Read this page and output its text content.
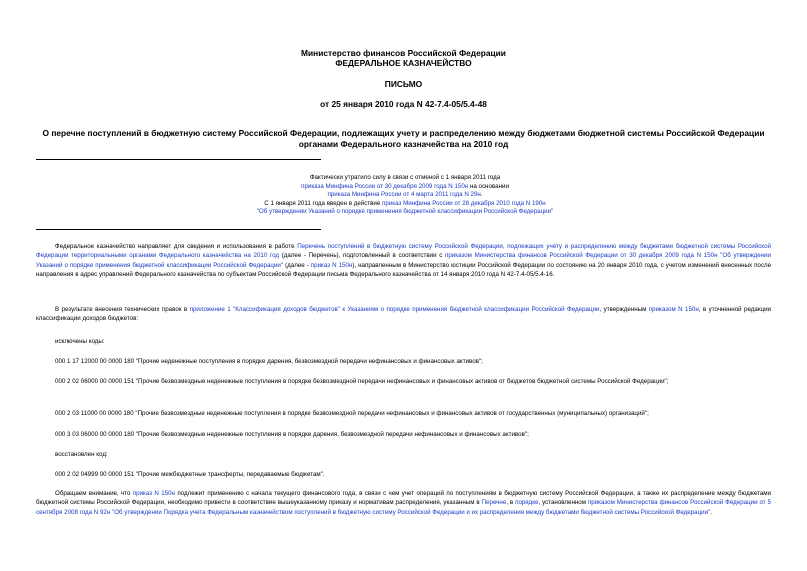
Министерство финансов Российской Федерации
ФЕДЕРАЛЬНОЕ КАЗНАЧЕЙСТВО
ПИСЬМО
от 25 января 2010 года N 42-7.4-05/5.4-48
О перечне поступлений в бюджетную систему Российской Федерации, подлежащих учету и распределению между бюджетами бюджетной системы Российской Федерации органами Федерального казначейства на 2010 год
Фактически утратило силу в связи с отменой с 1 января 2011 года
приказа Минфина России от 30 декабря 2009 года N 150н на основании
приказа Минфина России от 4 марта 2011 года N 29н.
С 1 января 2011 года введен в действие приказ Минфина России от 28 декабря 2010 года N 190н
"Об утверждении Указаний о порядке применения бюджетной классификации Российской Федерации"

Федеральное казначейство направляет для сведения и использования в работе Перечень поступлений в бюджетную систему Российской Федерации, подлежащих учету и распределению между бюджетами бюджетной системы Российской Федерации территориальными органами Федерального казначейства на 2010 год (далее - Перечень), подготовленный в соответствии с приказом Министерства финансов Российской Федерации от 30 декабря 2009 года N 150н "Об утверждении Указаний о порядке применения бюджетной классификации Российской Федерации" (далее - приказ N 150н), направленным в Министерство юстиции Российской Федерации по состоянию на 20 января 2010 года, с учетом изменений внесенных после направления в адрес управлений Федерального казначейства по субъектам Российской Федерации письма Федерального казначейства от 14 января 2010 года N 42-7.4-05/5.4-16.

В результате внесения технических правок в приложение 1 "Классификация доходов бюджетов" к Указаниям о порядке применения бюджетной классификации Российской Федерации, утвержденным приказом N 150н, в уточненной редакции классификации доходов бюджетов:

исключены коды:

000 1 17 12000 00 0000 180 "Прочие неденежные поступления в порядке дарения, безвозмездной передачи нефинансовых и финансовых активов";

000 2 02 06000 00 0000 151 "Прочие безвозмездные неденежные поступления в порядке безвозмездной передачи нефинансовых и финансовых активов от бюджетов бюджетной системы Российской Федерации";

000 2 03 11000 00 0000 180 "Прочие безвозмездные неденежные поступления в порядке безвозмездной передачи нефинансовых и финансовых активов от государственных (муниципальных) организаций";

000 3 03 06000 00 0000 180 "Прочие безвозмездные неденежные поступления в порядке дарения, безвозмездной передачи нефинансовых и финансовых активов";

восстановлен код:

000 2 02 04999 00 0000 151 "Прочие межбюджетные трансферты, передаваемые бюджетам".

Обращаем внимание, что приказ N 150н подлежит применению с начала текущего финансового года, в связи с чем учет операций по поступлениям в бюджетную систему Российской Федерации, а также их распределение между бюджетами бюджетной системы Российской Федерации, необходимо привести в соответствие вышеуказанному приказу и нормативам распределения, указанным в Перечне, в порядке, установленном приказом Министерства финансов Российской Федерации от 5 сентября 2008 года N 92н "Об утверждении Порядка учета Федеральным казначейством поступлений в бюджетную систему Российской Федерации и их распределения между бюджетами бюджетной системы Российской Федерации".
